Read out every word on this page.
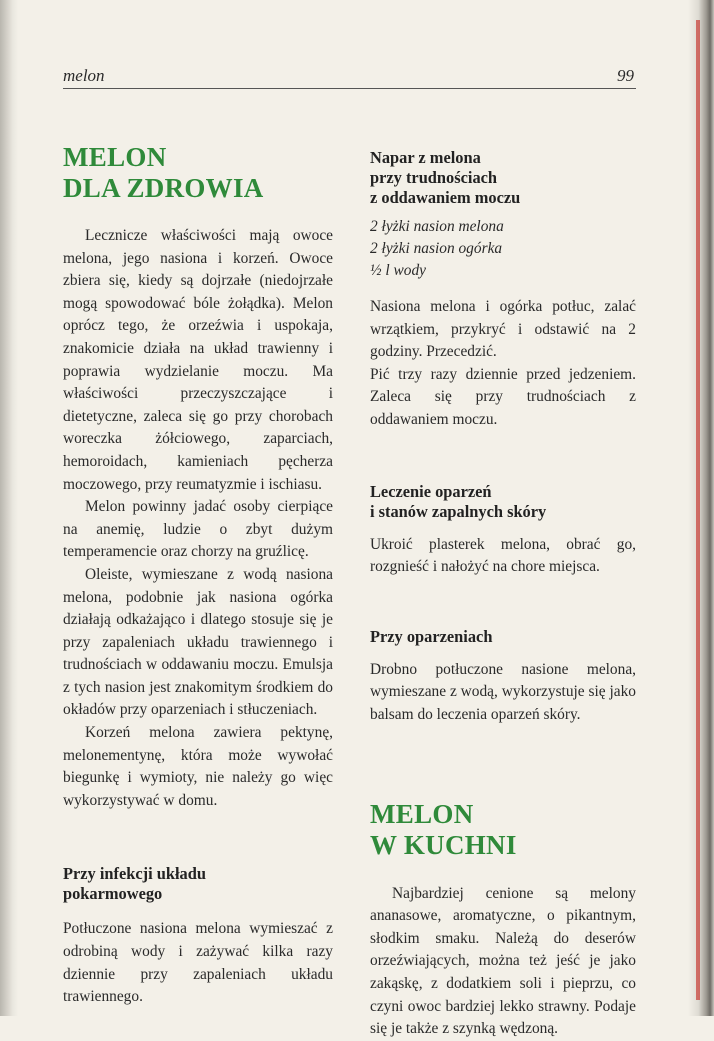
melon	99
MELON
DLA ZDROWIA

Lecznicze właściwości mają owoce melona, jego nasiona i korzeń. Owoce zbiera się, kiedy są dojrzałe (niedojrzałe mogą spowodować bóle żołądka). Melon oprócz tego, że orzeźwia i uspokaja, znakomicie działa na układ trawienny i poprawia wydzielanie moczu. Ma właściwości przeczyszczające i dietetyczne, zaleca się go przy chorobach woreczka żółciowego, zaparciach, hemoroidach, kamieniach pęcherza moczowego, przy reumatyzmie i ischiasu.

Melon powinny jadać osoby cierpiące na anemię, ludzie o zbyt dużym temperamencie oraz chorzy na gruźlicę.

Oleiste, wymieszane z wodą nasiona melona, podobnie jak nasiona ogórka działają odkażająco i dlatego stosuje się je przy zapaleniach układu trawiennego i trudnościach w oddawaniu moczu. Emulsja z tych nasion jest znakomitym środkiem do okładów przy oparzeniach i stłuczeniach.

Korzeń melona zawiera pektynę, melonementynę, która może wywołać biegunkę i wymioty, nie należy go więc wykorzystywać w domu.

Przy infekcji układu
pokarmowego

Potłuczone nasiona melona wymieszać z odrobiną wody i zażywać kilka razy dziennie przy zapaleniach układu trawiennego.

Napar z melona
przy trudnościach
z oddawaniem moczu

2 łyżki nasion melona

2 łyżki nasion ogórka

½ l wody

Nasiona melona i ogórka potłuc, zalać wrzątkiem, przykryć i odstawić na 2 godziny. Przecedzić.

Pić trzy razy dziennie przed jedzeniem. Zaleca się przy trudnościach z oddawaniem moczu.

Leczenie oparzeń
i stanów zapalnych skóry

Ukroić plasterek melona, obrać go, rozgnieść i nałożyć na chore miejsca.

Przy oparzeniach

Drobno potłuczone nasione melona, wymieszane z wodą, wykorzystuje się jako balsam do leczenia oparzeń skóry.

MELON
W KUCHNI

Najbardziej cenione są melony ananasowe, aromatyczne, o pikantnym, słodkim smaku. Należą do deserów orzeźwiających, można też jeść je jako zakąskę, z dodatkiem soli i pieprzu, co czyni owoc bardziej lekko strawny. Podaje się je także z szynką wędzoną.
